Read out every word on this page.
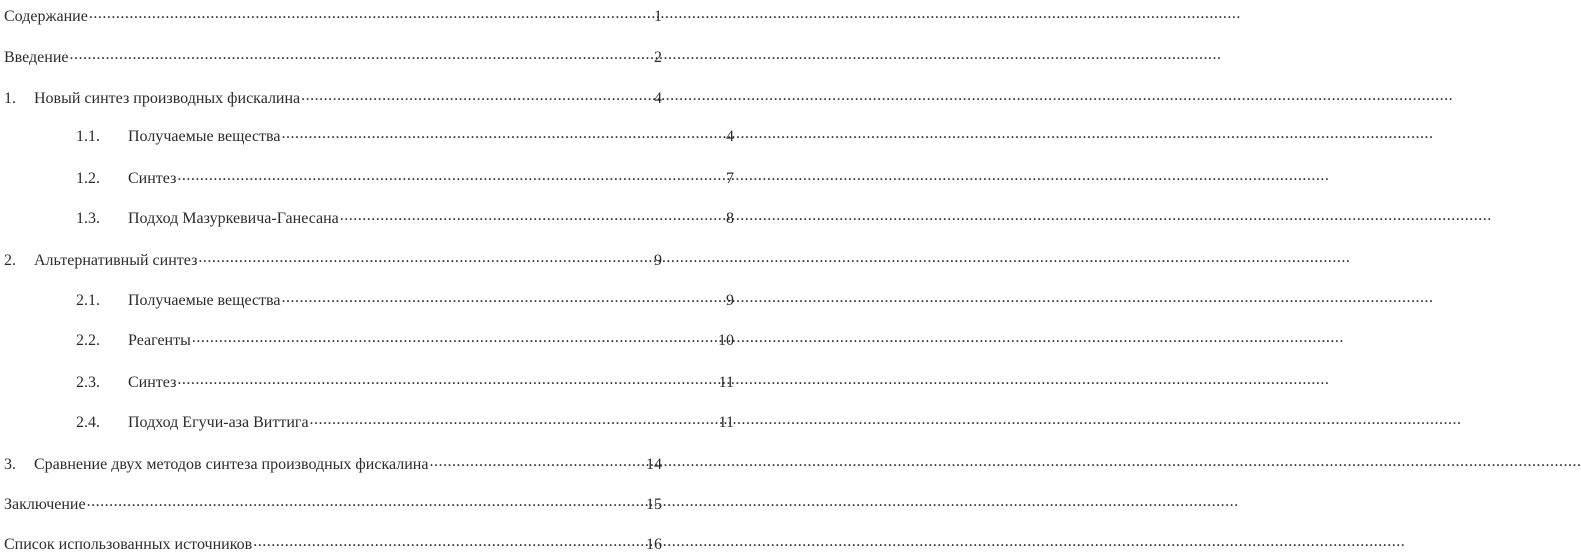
Содержание .....	1
Введение .....	2
1.	Новый синтез производных фискалина .....	4
1.1.	Получаемые вещества .....	4
1.2.	Синтез .....	7
1.3.	Подход Мазуркевича-Ганесана .....	8
2.	Альтернативный синтез .....	9
2.1.	Получаемые вещества .....	9
2.2.	Реагенты .....	10
2.3.	Синтез .....	11
2.4.	Подход Егучи-аза Виттига .....	11
3.	Сравнение двух методов синтеза производных фискалина .....	14
Заключение .....	15
Список использованных источников .....	16
